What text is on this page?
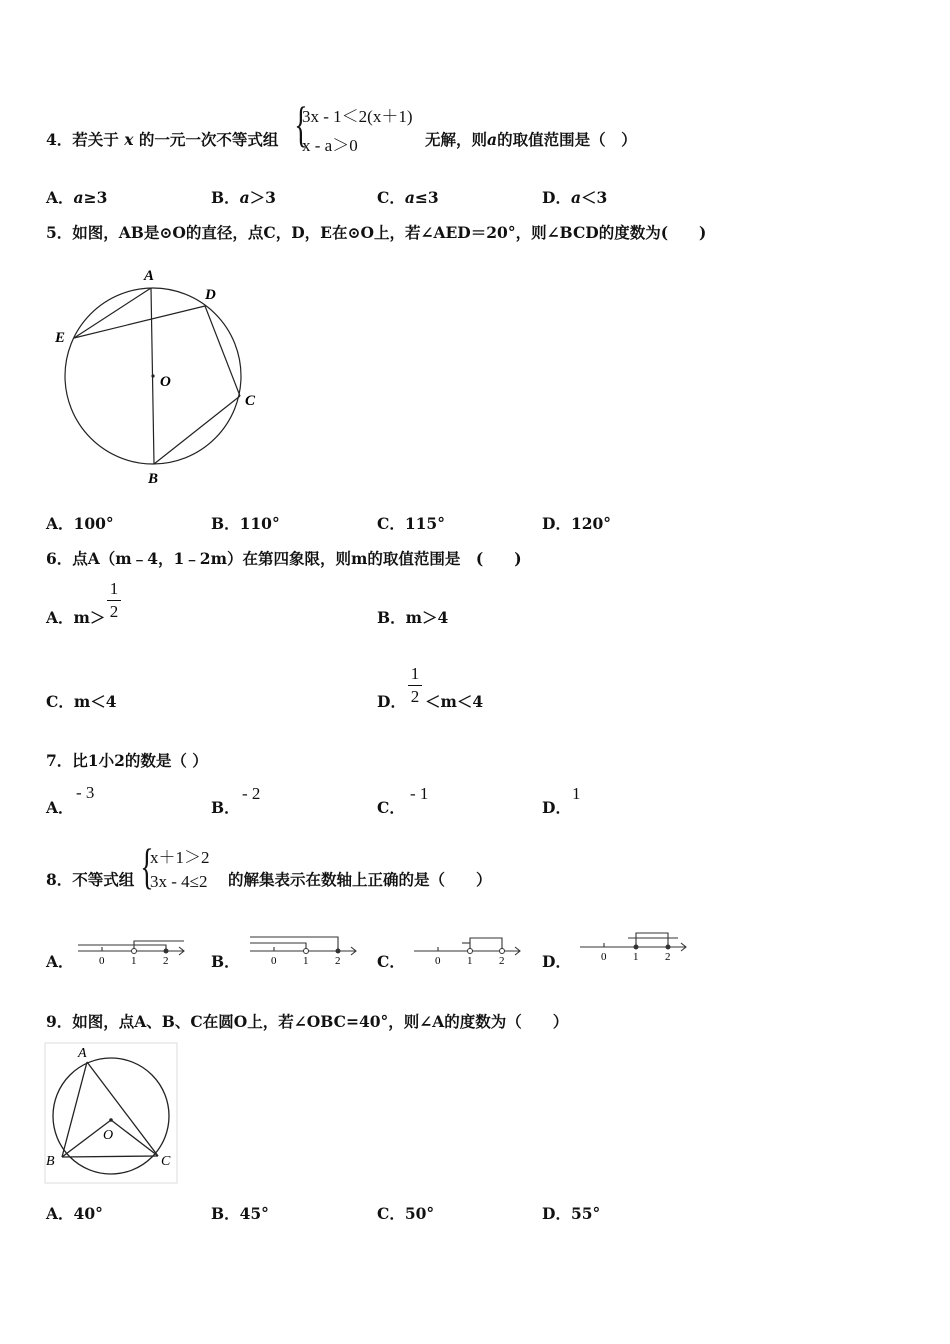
4．若关于 x 的一元一次不等式组 {
3x - 1＜2(x＋1)
x - a＞0	无解，则a的取值范围是（　）
A．a≥3	B．a＞3	C．a≤3	D．a＜3
5．如图，AB是⊙O的直径，点C，D，E在⊙O上，若∠AED＝20°，则∠BCD的度数为(　　)
A
D
E
O
C
B
A．100°	B．110°	C．115°	D．120°
6．点A（m﹣4，1﹣2m）在第四象限，则m的取值范围是　(　　)
A．m＞
1
2	B．m＞4
C．m＜4	D．
1
2 ＜m＜4
7．比1小2的数是（ ）
A．
- 3
B．
- 2
C．
- 1
D．
1
8．不等式组 {
x＋1＞2
3x - 4≤2 的解集表示在数轴上正确的是（　　）
A． 0 1 2	B．	0 1 2 C．	0 1 2 D．	0 1 2
9．如图，点A、B、C在圆O上，若∠OBC=40°，则∠A的度数为（　　）
A
O
B	C
A．40°	B．45°	C．50°	D．55°
